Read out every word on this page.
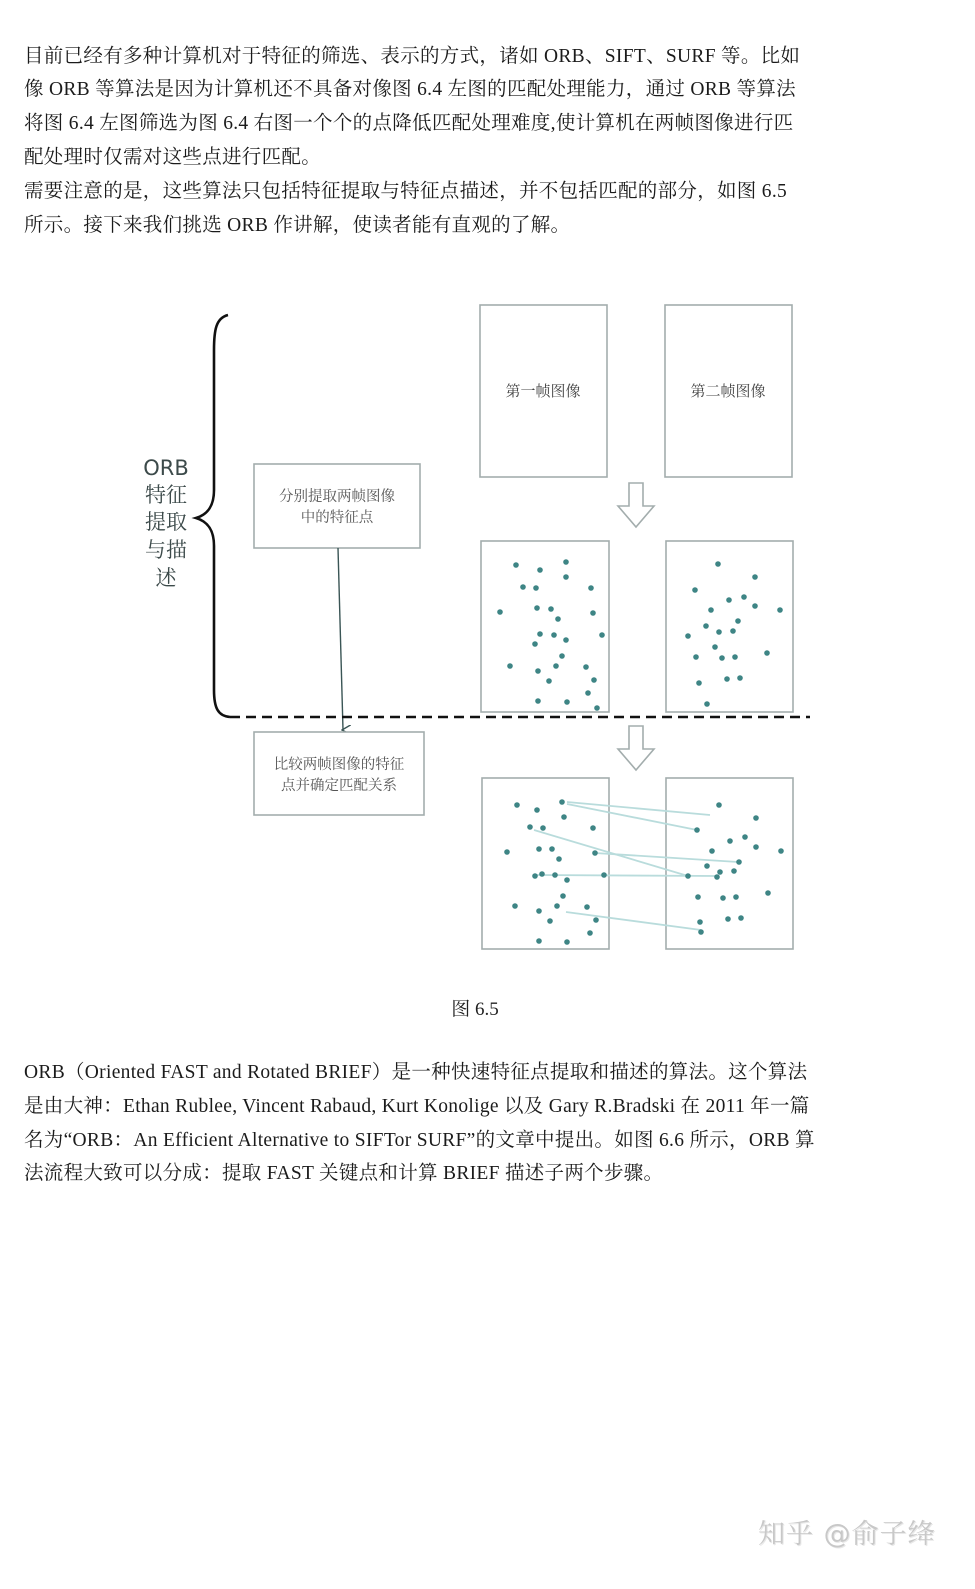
目前已经有多种计算机对于特征的筛选、表示的方式，诸如 ORB、SIFT、SURF 等。比如
像 ORB 等算法是因为计算机还不具备对像图 6.4 左图的匹配处理能力，通过 ORB 等算法
将图 6.4 左图筛选为图 6.4 右图一个个的点降低匹配处理难度,使计算机在两帧图像进行匹
配处理时仅需对这些点进行匹配。
需要注意的是，这些算法只包括特征提取与特征点描述，并不包括匹配的部分，如图 6.5
所示。接下来我们挑选 ORB 作讲解，使读者能有直观的了解。
ORB
特征
提取
与描
述
分别提取两帧图像
中的特征点
比较两帧图像的特征
点并确定匹配关系
第一帧图像	第二帧图像
图 6.5
ORB（Oriented FAST and Rotated BRIEF）是一种快速特征点提取和描述的算法。这个算法
是由大神：Ethan Rublee, Vincent Rabaud, Kurt Konolige 以及 Gary R.Bradski 在 2011 年一篇
名为“ORB：An Efficient Alternative to SIFTor SURF”的文章中提出。如图 6.6 所示，ORB 算
法流程大致可以分成：提取 FAST 关键点和计算 BRIEF 描述子两个步骤。
知乎 @俞子绛
